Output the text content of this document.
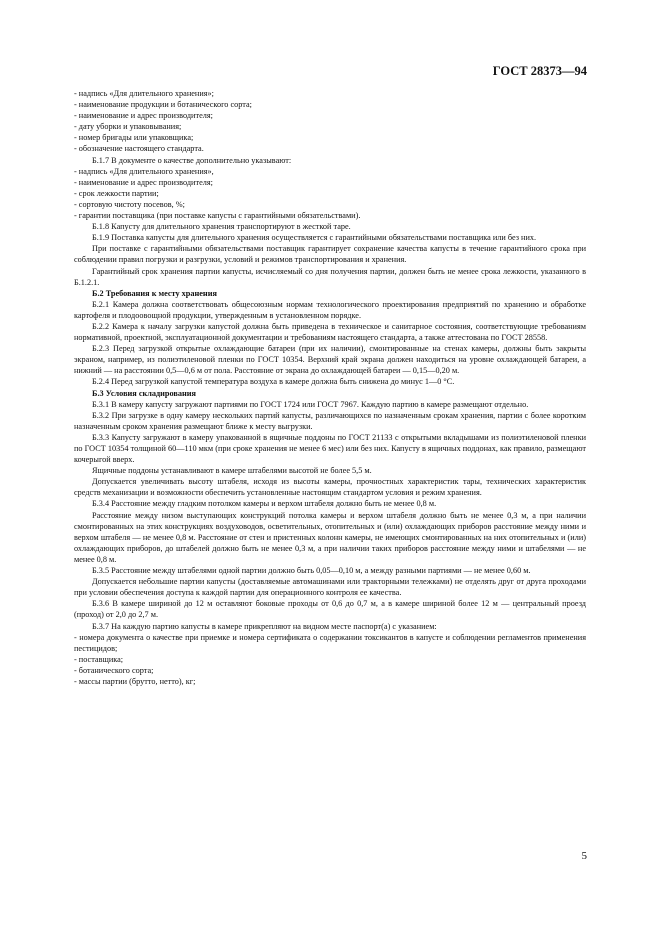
ГОСТ 28373—94

- надпись «Для длительного хранения»;

- наименование продукции и ботанического сорта;

- наименование и адрес производителя;

- дату уборки и упаковывания;

- номер бригады или упаковщика;

- обозначение настоящего стандарта.

Б.1.7 В документе о качестве дополнительно указывают:

- надпись «Для длительного хранения»,

- наименование и адрес производителя;

- срок лежкости партии;

- сортовую чистоту посевов, %;

- гарантии поставщика (при поставке капусты с гарантийными обязательствами).

Б.1.8 Капусту для длительного хранения транспортируют в жесткой таре.

Б.1.9 Поставка капусты для длительного хранения осуществляется с гарантийными обязательствами поставщика или без них.

При поставке с гарантийными обязательствами поставщик гарантирует сохранение качества капусты в течение гарантийного срока при соблюдении правил погрузки и разгрузки, условий и режимов транспортирования и хранения.

Гарантийный срок хранения партии капусты, исчисляемый со дня получения партии, должен быть не менее срока лежкости, указанного в Б.1.2.1.

Б.2 Требования к месту хранения

Б.2.1 Камера должна соответствовать общесоюзным нормам технологического проектирования предприятий по хранению и обработке картофеля и плодоовощной продукции, утвержденным в установленном порядке.

Б.2.2 Камера к началу загрузки капустой должна быть приведена в техническое и санитарное состояния, соответствующие требованиям нормативной, проектной, эксплуатационной документации и требованиям настоящего стандарта, а также аттестована по ГОСТ 28558.

Б.2.3 Перед загрузкой открытые охлаждающие батареи (при их наличии), смонтированные на стенах камеры, должны быть закрыты экраном, например, из полиэтиленовой пленки по ГОСТ 10354. Верхний край экрана должен находиться на уровне охлаждающей батареи, а нижний — на расстоянии 0,5—0,6 м от пола. Расстояние от экрана до охлаждающей батареи — 0,15—0,20 м.

Б.2.4 Перед загрузкой капустой температура воздуха в камере должна быть снижена до минус 1—0 °С.

Б.3 Условия складирования

Б.3.1 В камеру капусту загружают партиями по ГОСТ 1724 или ГОСТ 7967. Каждую партию в камере размещают отдельно.

Б.3.2 При загрузке в одну камеру нескольких партий капусты, различающихся по назначенным срокам хранения, партии с более коротким назначенным сроком хранения размещают ближе к месту выгрузки.

Б.3.3 Капусту загружают в камеру упакованной в ящичные поддоны по ГОСТ 21133 с открытыми вкладышами из полиэтиленовой пленки по ГОСТ 10354 толщиной 60—110 мкм (при сроке хранения не менее 6 мес) или без них. Капусту в ящичных поддонах, как правило, размещают кочерыгой вверх.

Ящичные поддоны устанавливают в камере штабелями высотой не более 5,5 м.

Допускается увеличивать высоту штабеля, исходя из высоты камеры, прочностных характеристик тары, технических характеристик средств механизации и возможности обеспечить установленные настоящим стандартом условия и режим хранения.

Б.3.4 Расстояние между гладким потолком камеры и верхом штабеля должно быть не менее 0,8 м.

Расстояние между низом выступающих конструкций потолка камеры и верхом штабеля должно быть не менее 0,3 м, а при наличии смонтированных на этих конструкциях воздуховодов, осветительных, отопительных и (или) охлаждающих приборов расстояние между ними и верхом штабеля — не менее 0,8 м. Расстояние от стен и пристенных колонн камеры, не имеющих смонтированных на них отопительных и (или) охлаждающих приборов, до штабелей должно быть не менее 0,3 м, а при наличии таких приборов расстояние между ними и штабелями — не менее 0,8 м.

Б.3.5 Расстояние между штабелями одной партии должно быть 0,05—0,10 м, а между разными партиями — не менее 0,60 м.

Допускается небольшие партии капусты (доставляемые автомашинами или тракторными тележками) не отделять друг от друга проходами при условии обеспечения доступа к каждой партии для операционного контроля ее качества.

Б.3.6 В камере шириной до 12 м оставляют боковые проходы от 0,6 до 0,7 м, а в камере шириной более 12 м — центральный проезд (проход) от 2,0 до 2,7 м.

Б.3.7 На каждую партию капусты в камере прикрепляют на видном месте паспорт(а) с указанием:

- номера документа о качестве при приемке и номера сертификата о содержании токсикантов в капусте и соблюдении регламентов применения пестицидов;

- поставщика;

- ботанического сорта;

- массы партии (брутто, нетто), кг;

5
